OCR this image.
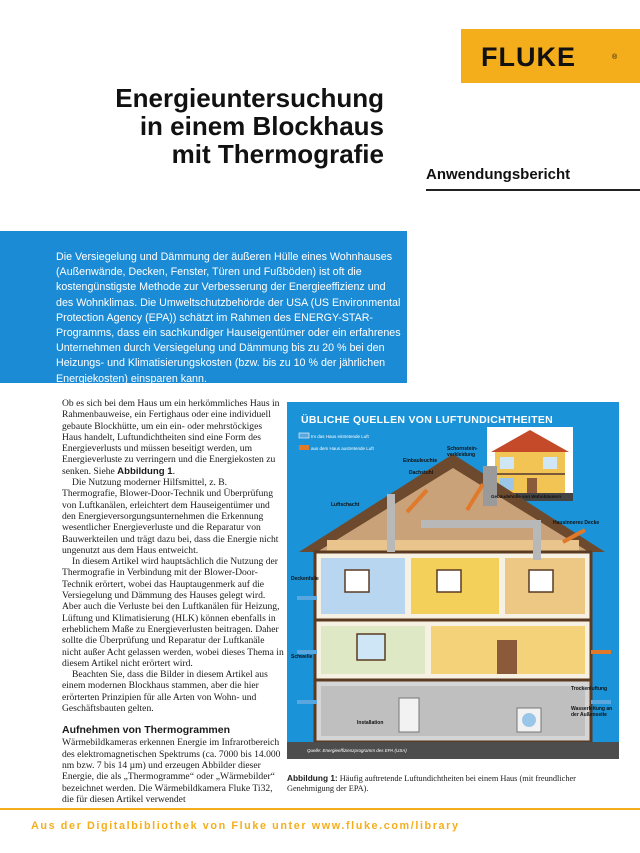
FLUKE	®
Energieuntersuchung
in einem Blockhaus
mit Thermografie
Anwendungsbericht

Die Versiegelung und Dämmung der äußeren Hülle eines Wohnhauses (Außenwände, Decken, Fenster, Türen und Fußböden) ist oft die kostengünstigste Methode zur Verbesserung der Energieeffizienz und des Wohnklimas. Die Umweltschutzbehörde der USA (US Environmental Protection Agency (EPA)) schätzt im Rahmen des ENERGY-STAR-Programms, dass ein sachkundiger Hauseigentümer oder ein erfahrenes Unternehmen durch Versiegelung und Dämmung bis zu 20 % bei den Heizungs- und Klimatisierungskosten (bzw. bis zu 10 % der jährlichen Energiekosten) einsparen kann.

Ob es sich bei dem Haus um ein herkömmliches Haus in Rahmenbauweise, ein Fertighaus oder eine individuell gebaute Blockhütte, um ein ein- oder mehrstöckiges Haus handelt, Luftundichtheiten sind eine Form des Energieverlusts und müssen beseitigt werden, um Energieverluste zu verringern und die Energiekosten zu senken. Siehe Abbildung 1.

Die Nutzung moderner Hilfsmittel, z. B. Thermografie, Blower-Door-Technik und Überprüfung von Luftkanälen, erleichtert dem Hauseigentümer und den Energieversorgungsunternehmen die Erkennung wesentlicher Energieverluste und die Reparatur von Bauwerkteilen und trägt dazu bei, dass die Energie nicht ungenutzt aus dem Haus entweicht.

In diesem Artikel wird hauptsächlich die Nutzung der Thermografie in Verbindung mit der Blower-Door-Technik erörtert, wobei das Hauptaugenmerk auf die Versiegelung und Dämmung des Hauses gelegt wird. Aber auch die Verluste bei den Luftkanälen für Heizung, Lüftung und Klimatisierung (HLK) können ebenfalls in erheblichem Maße zu Energieverlusten beitragen. Daher sollte die Überprüfung und Reparatur der Luftkanäle nicht außer Acht gelassen werden, wobei dieses Thema in diesem Artikel nicht erörtert wird.

Beachten Sie, dass die Bilder in diesem Artikel aus einem modernen Blockhaus stammen, aber die hier erörterten Prinzipien für alle Arten von Wohn- und Geschäftsbauten gelten.

Aufnehmen von Thermogrammen

Wärmebildkameras erkennen Energie im Infrarotbereich des elektromagnetischen Spektrums (ca. 7000 bis 14.000 nm bzw. 7 bis 14 µm) und erzeugen Abbilder dieser Energie, die als „Thermogramme“ oder „Wärmebilder“ bezeichnet werden. Die Wärmebildkamera Fluke Ti32, die für diesen Artikel verwendet

ÜBLICHE QUELLEN VON LUFTUNDICHTHEITEN
Im das Haus eintretende Luft
aus dem Haus austretende Luft
Dachstuhl
Einbauleuchte
Schornstein-verkleidung
Luftschacht
Hausinneres Decke
Deckenfalle
Schwelle
Trockenluftung
Wasserleitung an der Außenseite
Installation
Gebäudehülle von Wohnhäusern
Quelle: Energieeffizienzprogramm des EPA (USA)
Abbildung 1: Häufig auftretende Luftundichtheiten bei einem Haus (mit freundlicher Genehmigung der EPA).
Aus der Digitalbibliothek von Fluke unter www.fluke.com/library
